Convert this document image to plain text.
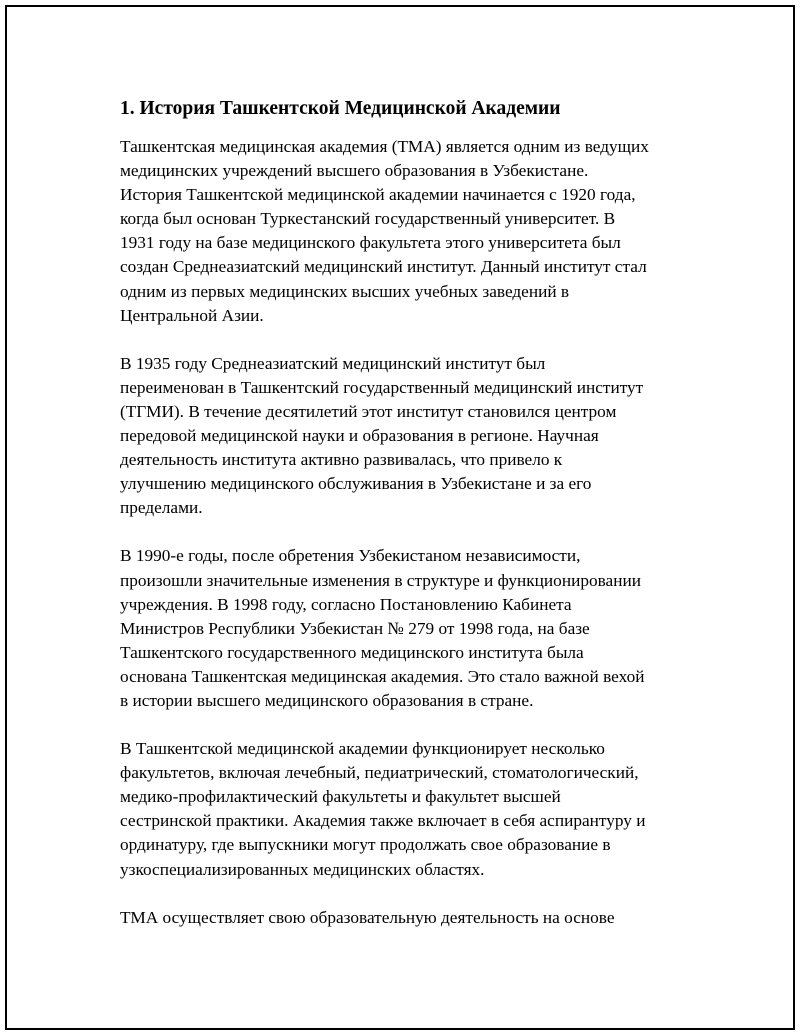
1. История Ташкентской Медицинской Академии
Ташкентская медицинская академия (ТМА) является одним из ведущих
медицинских учреждений высшего образования в Узбекистане.
История Ташкентской медицинской академии начинается с 1920 года,
когда был основан Туркестанский государственный университет. В
1931 году на базе медицинского факультета этого университета был
создан Среднеазиатский медицинский институт. Данный институт стал
одним из первых медицинских высших учебных заведений в
Центральной Азии.
В 1935 году Среднеазиатский медицинский институт был
переименован в Ташкентский государственный медицинский институт
(ТГМИ). В течение десятилетий этот институт становился центром
передовой медицинской науки и образования в регионе. Научная
деятельность института активно развивалась, что привело к
улучшению медицинского обслуживания в Узбекистане и за его
пределами.
В 1990-е годы, после обретения Узбекистаном независимости,
произошли значительные изменения в структуре и функционировании
учреждения. В 1998 году, согласно Постановлению Кабинета
Министров Республики Узбекистан № 279 от 1998 года, на базе
Ташкентского государственного медицинского института была
основана Ташкентская медицинская академия. Это стало важной вехой
в истории высшего медицинского образования в стране.
В Ташкентской медицинской академии функционирует несколько
факультетов, включая лечебный, педиатрический, стоматологический,
медико-профилактический факультеты и факультет высшей
сестринской практики. Академия также включает в себя аспирантуру и
ординатуру, где выпускники могут продолжать свое образование в
узкоспециализированных медицинских областях.
ТМА осуществляет свою образовательную деятельность на основе
